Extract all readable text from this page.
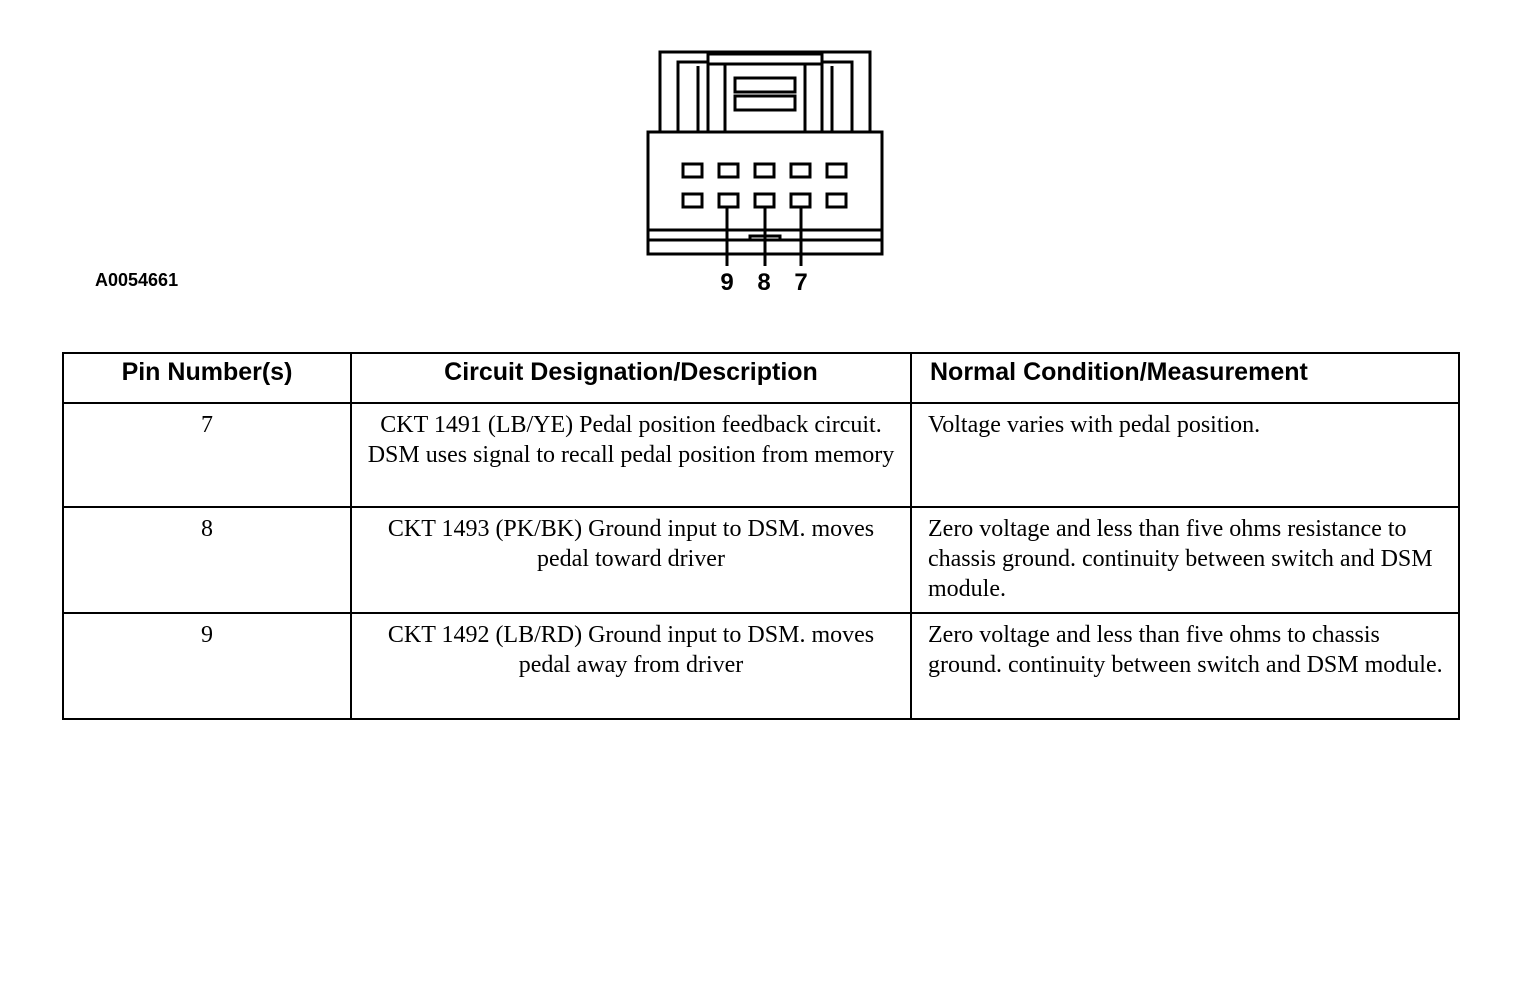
A0054661	9 8 7
Pin Number(s)	Circuit Designation/Description	Normal Condition/Measurement
7	CKT 1491 (LB/YE) Pedal position feedback circuit. DSM uses signal to recall pedal position from memory	Voltage varies with pedal position.
8	CKT 1493 (PK/BK) Ground input to DSM. moves pedal toward driver	Zero voltage and less than five ohms resistance to chassis ground. continuity between switch and DSM module.
9	CKT 1492 (LB/RD) Ground input to DSM. moves pedal away from driver	Zero voltage and less than five ohms to chassis ground. continuity between switch and DSM module.
